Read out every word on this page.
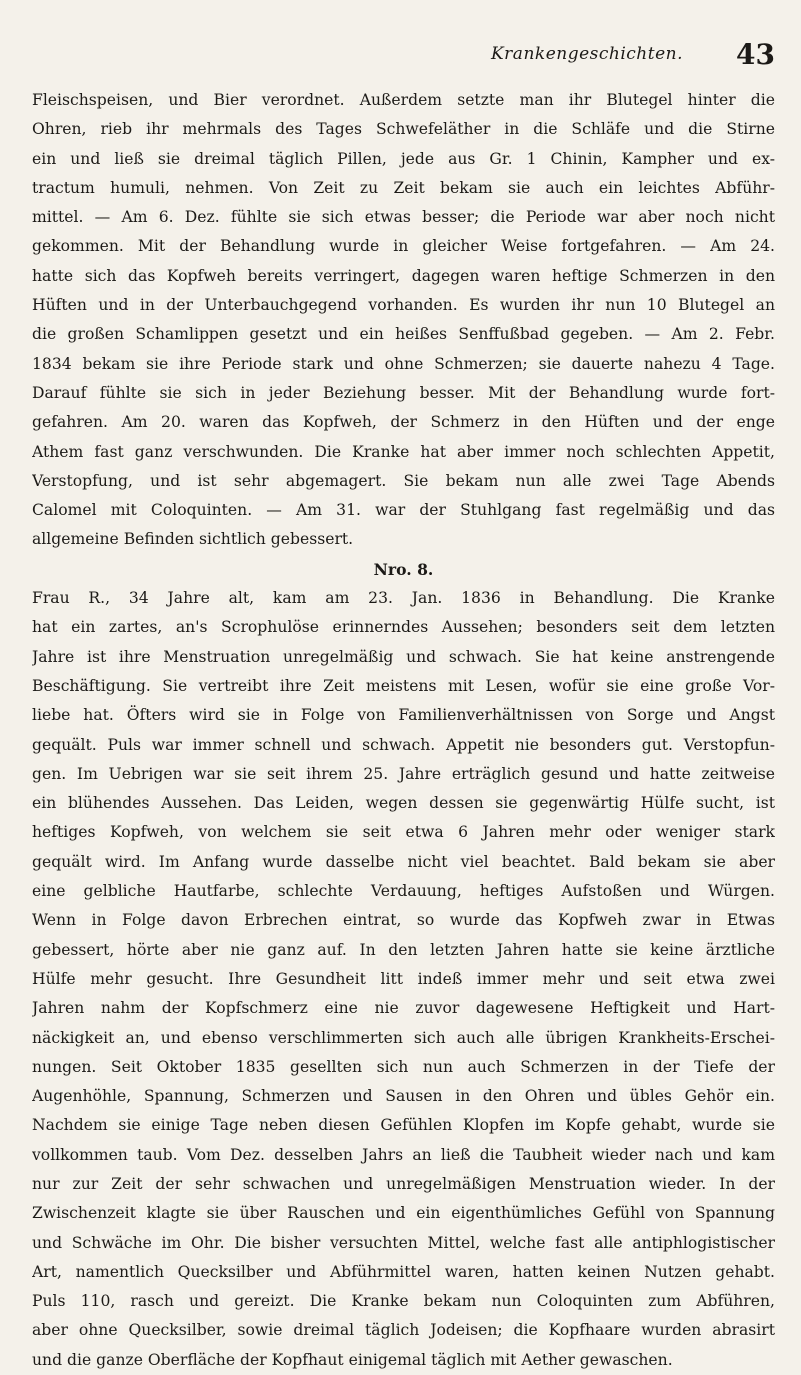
Krankengeschichten. 43
Fleischspeisen, und Bier verordnet. Außerdem setzte man ihr Blutegel hinter die
Ohren, rieb ihr mehrmals des Tages Schwefeläther in die Schläfe und die Stirne
ein und ließ sie dreimal täglich Pillen, jede aus Gr. 1 Chinin, Kampher und ex-
tractum humuli, nehmen. Von Zeit zu Zeit bekam sie auch ein leichtes Abführ-
mittel. — Am 6. Dez. fühlte sie sich etwas besser; die Periode war aber noch nicht
gekommen. Mit der Behandlung wurde in gleicher Weise fortgefahren. — Am 24.
hatte sich das Kopfweh bereits verringert, dagegen waren heftige Schmerzen in den
Hüften und in der Unterbauchgegend vorhanden. Es wurden ihr nun 10 Blutegel an
die großen Schamlippen gesetzt und ein heißes Senffußbad gegeben. — Am 2. Febr.
1834 bekam sie ihre Periode stark und ohne Schmerzen; sie dauerte nahezu 4 Tage.
Darauf fühlte sie sich in jeder Beziehung besser. Mit der Behandlung wurde fort-
gefahren. Am 20. waren das Kopfweh, der Schmerz in den Hüften und der enge
Athem fast ganz verschwunden. Die Kranke hat aber immer noch schlechten Appetit,
Verstopfung, und ist sehr abgemagert. Sie bekam nun alle zwei Tage Abends
Calomel mit Coloquinten. — Am 31. war der Stuhlgang fast regelmäßig und das
allgemeine Befinden sichtlich gebessert.
Nro. 8.
Frau R., 34 Jahre alt, kam am 23. Jan. 1836 in Behandlung. Die Kranke
hat ein zartes, an's Scrophulöse erinnerndes Aussehen; besonders seit dem letzten
Jahre ist ihre Menstruation unregelmäßig und schwach. Sie hat keine anstrengende
Beschäftigung. Sie vertreibt ihre Zeit meistens mit Lesen, wofür sie eine große Vor-
liebe hat. Öfters wird sie in Folge von Familienverhältnissen von Sorge und Angst
gequält. Puls war immer schnell und schwach. Appetit nie besonders gut. Verstopfun-
gen. Im Uebrigen war sie seit ihrem 25. Jahre erträglich gesund und hatte zeitweise
ein blühendes Aussehen. Das Leiden, wegen dessen sie gegenwärtig Hülfe sucht, ist
heftiges Kopfweh, von welchem sie seit etwa 6 Jahren mehr oder weniger stark
gequält wird. Im Anfang wurde dasselbe nicht viel beachtet. Bald bekam sie aber
eine gelbliche Hautfarbe, schlechte Verdauung, heftiges Aufstoßen und Würgen.
Wenn in Folge davon Erbrechen eintrat, so wurde das Kopfweh zwar in Etwas
gebessert, hörte aber nie ganz auf. In den letzten Jahren hatte sie keine ärztliche
Hülfe mehr gesucht. Ihre Gesundheit litt indeß immer mehr und seit etwa zwei
Jahren nahm der Kopfschmerz eine nie zuvor dagewesene Heftigkeit und Hart-
näckigkeit an, und ebenso verschlimmerten sich auch alle übrigen Krankheits-Erschei-
nungen. Seit Oktober 1835 gesellten sich nun auch Schmerzen in der Tiefe der
Augenhöhle, Spannung, Schmerzen und Sausen in den Ohren und übles Gehör ein.
Nachdem sie einige Tage neben diesen Gefühlen Klopfen im Kopfe gehabt, wurde sie
vollkommen taub. Vom Dez. desselben Jahrs an ließ die Taubheit wieder nach und kam
nur zur Zeit der sehr schwachen und unregelmäßigen Menstruation wieder. In der
Zwischenzeit klagte sie über Rauschen und ein eigenthümliches Gefühl von Spannung
und Schwäche im Ohr. Die bisher versuchten Mittel, welche fast alle antiphlogistischer
Art, namentlich Quecksilber und Abführmittel waren, hatten keinen Nutzen gehabt.
Puls 110, rasch und gereizt. Die Kranke bekam nun Coloquinten zum Abführen,
aber ohne Quecksilber, sowie dreimal täglich Jodeisen; die Kopfhaare wurden abrasirt
und die ganze Oberfläche der Kopfhaut einigemal täglich mit Aether gewaschen.
